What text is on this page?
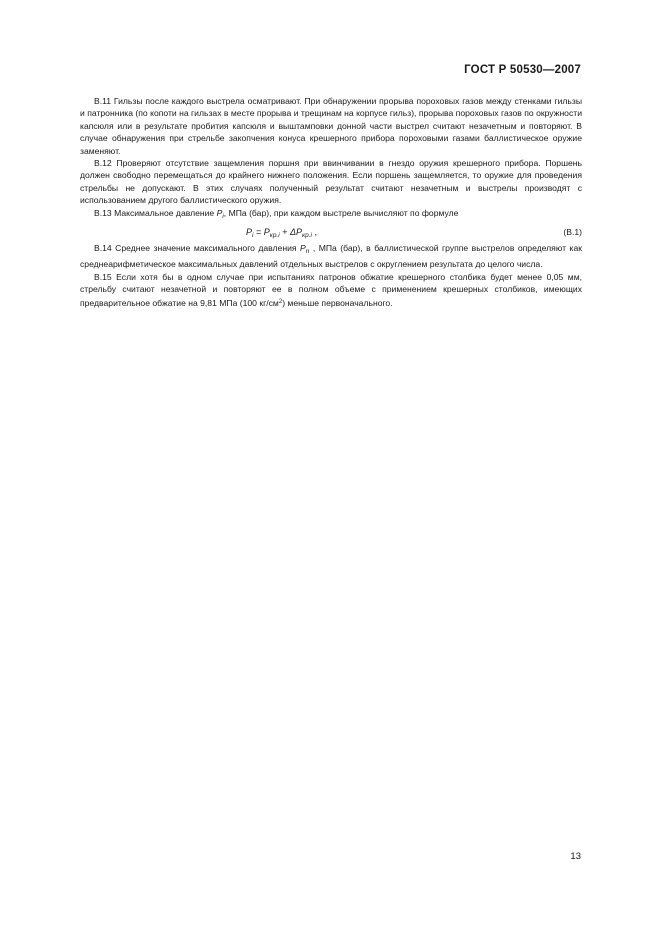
ГОСТ Р 50530—2007

В.11 Гильзы после каждого выстрела осматривают. При обнаружении прорыва пороховых газов между стенками гильзы и патронника (по копоти на гильзах в месте прорыва и трещинам на корпусе гильз), прорыва пороховых газов по окружности капсюля или в результате пробития капсюля и выштамповки донной части выстрел считают незачетным и повторяют. В случае обнаружения при стрельбе закопчения конуса крешерного прибора пороховыми газами баллистическое оружие заменяют.

В.12 Проверяют отсутствие защемления поршня при ввинчивании в гнездо оружия крешерного прибора. Поршень должен свободно перемещаться до крайнего нижнего положения. Если поршень защемляется, то оружие для проведения стрельбы не допускают. В этих случаях полученный результат считают незачетным и выстрелы производят с использованием другого баллистического оружия.

В.13 Максимальное давление $P_i$, МПа (бар), при каждом выстреле вычисляют по формуле

$P_i = P_{кр.i} + \Delta P_{кр.i}$ ,	(В.1)

В.14 Среднее значение максимального давления $P_n$ , МПа (бар), в баллистической группе выстрелов определяют как среднеарифметическое максимальных давлений отдельных выстрелов с округлением результата до целого числа.

В.15 Если хотя бы в одном случае при испытаниях патронов обжатие крешерного столбика будет менее 0,05 мм, стрельбу считают незачетной и повторяют ее в полном объеме с применением крешерных столбиков, имеющих предварительное обжатие на 9,81 МПа (100 $кг/см^2$) меньше первоначального.

13
